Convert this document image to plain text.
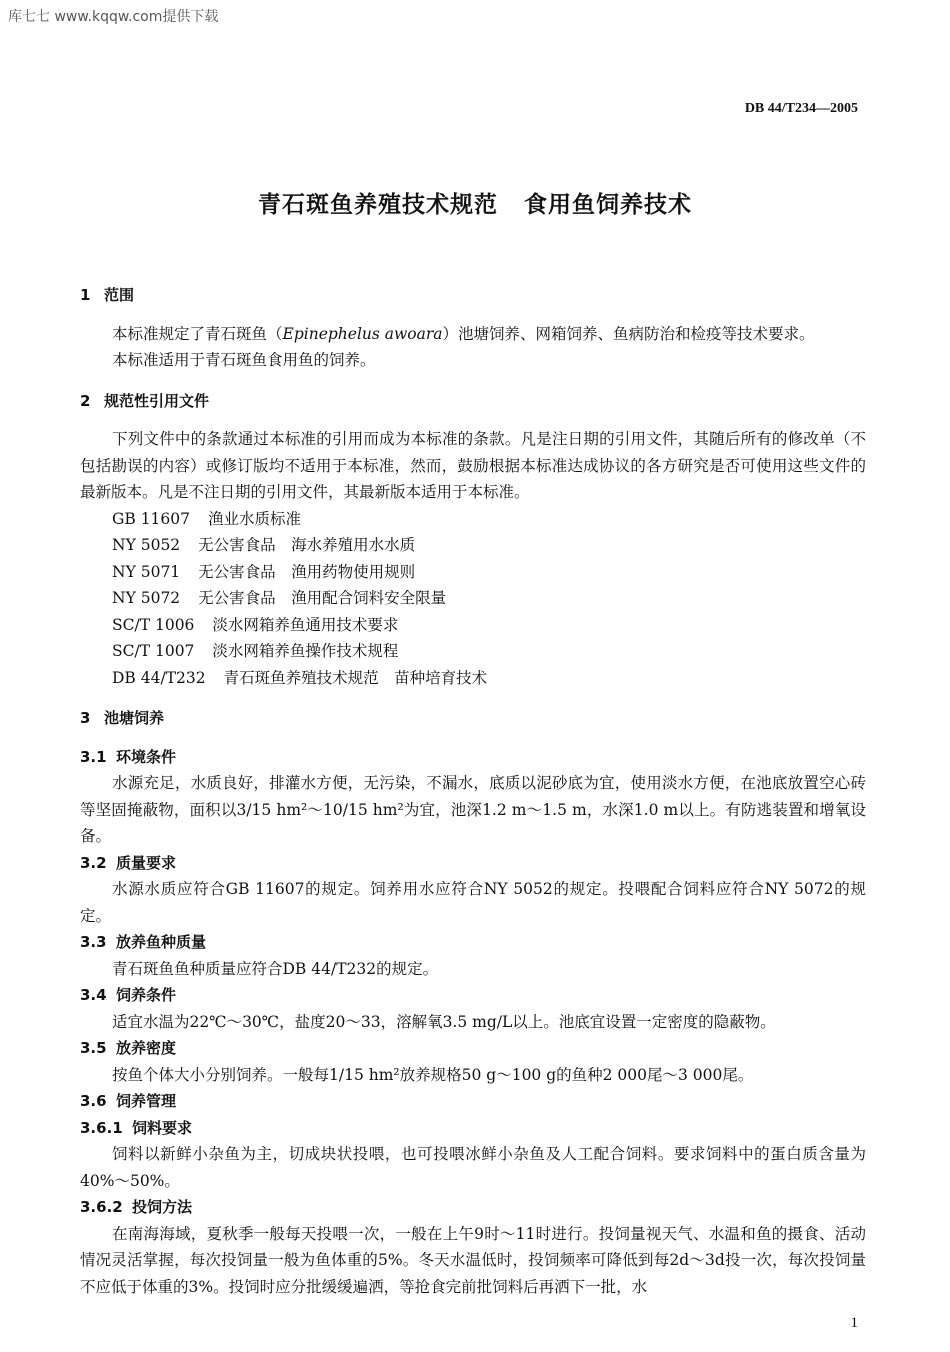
库七七 www.kqqw.com提供下载
DB 44/T234—2005
青石斑鱼养殖技术规范 食用鱼饲养技术
1 范围

本标准规定了青石斑鱼（Epinephelus awoara）池塘饲养、网箱饲养、鱼病防治和检疫等技术要求。

本标准适用于青石斑鱼食用鱼的饲养。

2 规范性引用文件

下列文件中的条款通过本标准的引用而成为本标准的条款。凡是注日期的引用文件，其随后所有的修改单（不包括勘误的内容）或修订版均不适用于本标准，然而，鼓励根据本标准达成协议的各方研究是否可使用这些文件的最新版本。凡是不注日期的引用文件，其最新版本适用于本标准。

GB 11607 渔业水质标准
NY 5052 无公害食品　海水养殖用水水质
NY 5071 无公害食品　渔用药物使用规则
NY 5072 无公害食品　渔用配合饲料安全限量
SC/T 1006 淡水网箱养鱼通用技术要求
SC/T 1007 淡水网箱养鱼操作技术规程
DB 44/T232 青石斑鱼养殖技术规范　苗种培育技术
3 池塘饲养
3.1 环境条件

水源充足，水质良好，排灌水方便，无污染，不漏水，底质以泥砂底为宜，使用淡水方便，在池底放置空心砖等坚固掩蔽物，面积以3/15 hm²～10/15 hm²为宜，池深1.2 m～1.5 m，水深1.0 m以上。有防逃装置和增氧设备。

3.2 质量要求

水源水质应符合GB 11607的规定。饲养用水应符合NY 5052的规定。投喂配合饲料应符合NY 5072的规定。

3.3 放养鱼种质量

青石斑鱼鱼种质量应符合DB 44/T232的规定。

3.4 饲养条件

适宜水温为22℃～30℃，盐度20～33，溶解氧3.5 mg/L以上。池底宜设置一定密度的隐蔽物。

3.5 放养密度

按鱼个体大小分别饲养。一般每1/15 hm²放养规格50 g～100 g的鱼种2 000尾～3 000尾。

3.6 饲养管理
3.6.1 饲料要求

饲料以新鲜小杂鱼为主，切成块状投喂，也可投喂冰鲜小杂鱼及人工配合饲料。要求饲料中的蛋白质含量为40%～50%。

3.6.2 投饲方法

在南海海域，夏秋季一般每天投喂一次，一般在上午9时～11时进行。投饲量视天气、水温和鱼的摄食、活动情况灵活掌握，每次投饲量一般为鱼体重的5%。冬天水温低时，投饲频率可降低到每2d～3d投一次，每次投饲量不应低于体重的3%。投饲时应分批缓缓遍洒，等抢食完前批饲料后再洒下一批，水

1
